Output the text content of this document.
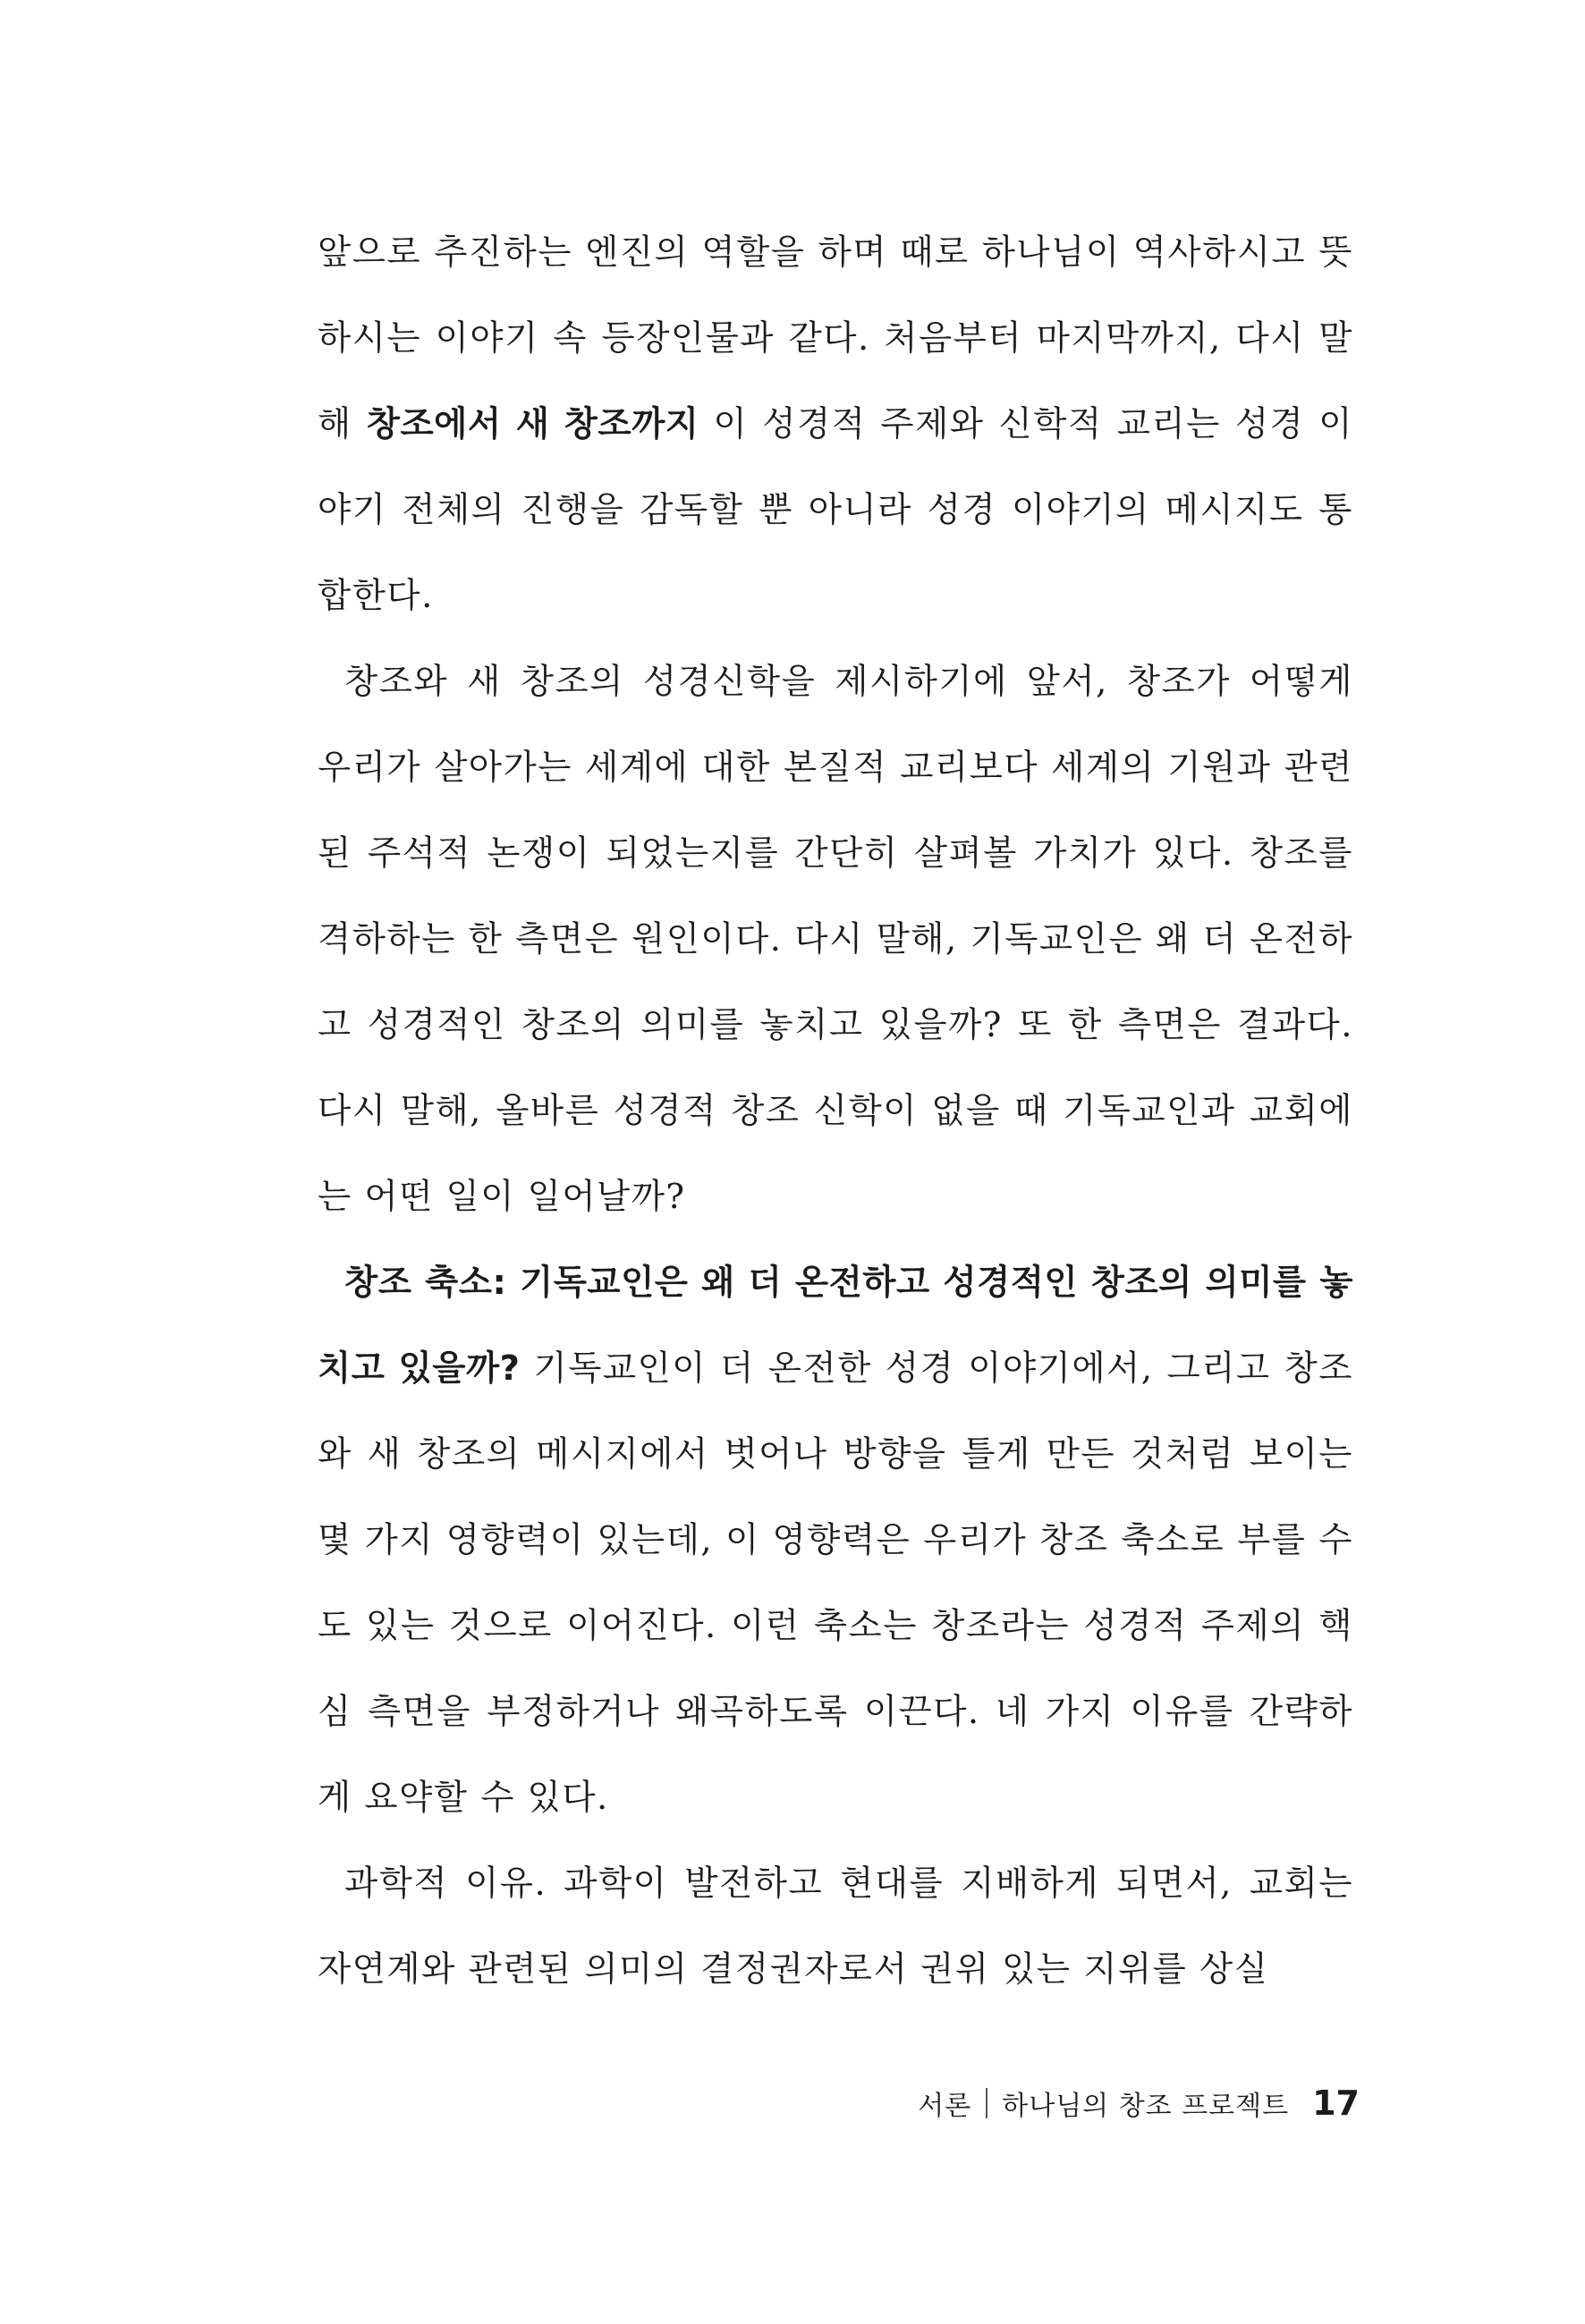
앞으로 추진하는 엔진의 역할을 하며 때로 하나님이 역사하시고 뜻하시는 이야기 속 등장인물과 같다. 처음부터 마지막까지, 다시 말해 창조에서 새 창조까지 이 성경적 주제와 신학적 교리는 성경 이야기 전체의 진행을 감독할 뿐 아니라 성경 이야기의 메시지도 통합한다.

창조와 새 창조의 성경신학을 제시하기에 앞서, 창조가 어떻게 우리가 살아가는 세계에 대한 본질적 교리보다 세계의 기원과 관련된 주석적 논쟁이 되었는지를 간단히 살펴볼 가치가 있다. 창조를 격하하는 한 측면은 원인이다. 다시 말해, 기독교인은 왜 더 온전하고 성경적인 창조의 의미를 놓치고 있을까? 또 한 측면은 결과다. 다시 말해, 올바른 성경적 창조 신학이 없을 때 기독교인과 교회에는 어떤 일이 일어날까?

창조 축소: 기독교인은 왜 더 온전하고 성경적인 창조의 의미를 놓치고 있을까? 기독교인이 더 온전한 성경 이야기에서, 그리고 창조와 새 창조의 메시지에서 벗어나 방향을 틀게 만든 것처럼 보이는 몇 가지 영향력이 있는데, 이 영향력은 우리가 창조 축소로 부를 수도 있는 것으로 이어진다. 이런 축소는 창조라는 성경적 주제의 핵심 측면을 부정하거나 왜곡하도록 이끈다. 네 가지 이유를 간략하게 요약할 수 있다.

과학적 이유. 과학이 발전하고 현대를 지배하게 되면서, 교회는 자연계와 관련된 의미의 결정권자로서 권위 있는 지위를 상실

서론 하나님의 창조 프로젝트 17
